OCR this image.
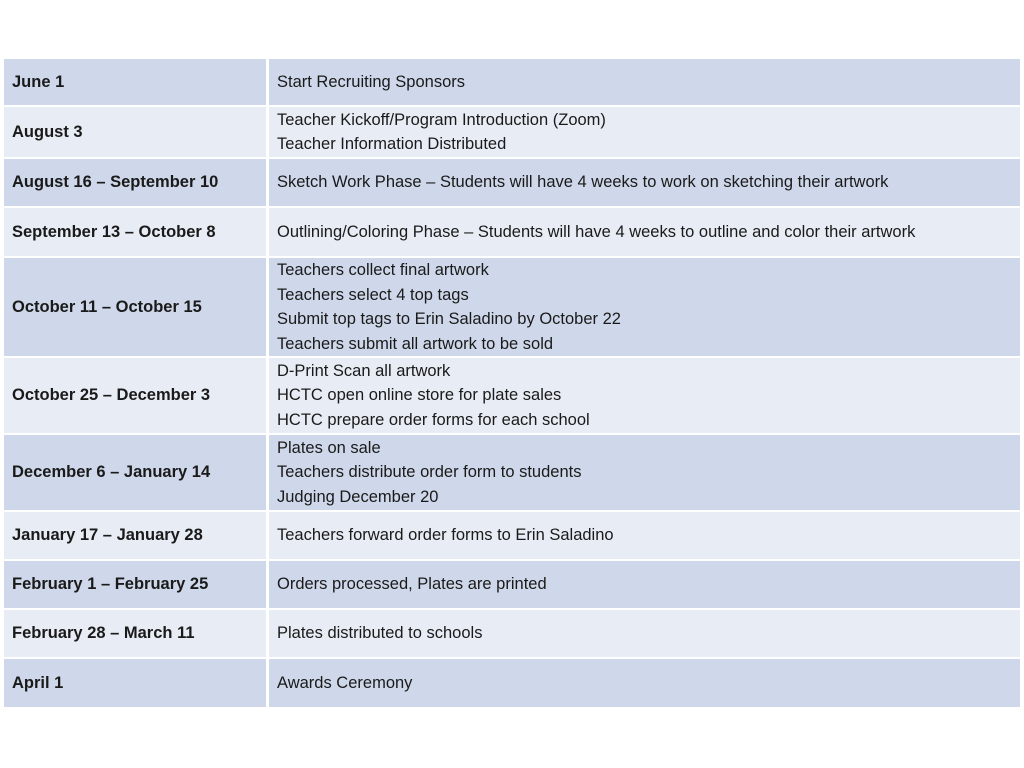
June 1	Start Recruiting Sponsors

August 3	Teacher Kickoff/Program Introduction (Zoom)
Teacher Information Distributed

August 16 – September 10	Sketch Work Phase – Students will have 4 weeks to work on sketching their artwork

September 13 – October 8	Outlining/Coloring Phase – Students will have 4 weeks to outline and color their artwork

October 11 – October 15	Teachers collect final artwork
Teachers select 4 top tags
Submit top tags to Erin Saladino by October 22
Teachers submit all artwork to be sold

October 25 – December 3	D-Print Scan all artwork
HCTC open online store for plate sales
HCTC prepare order forms for each school

December 6 – January 14	Plates on sale
Teachers distribute order form to students
Judging December 20

January 17 – January 28	Teachers forward order forms to Erin Saladino

February 1 – February 25	Orders processed, Plates are printed

February 28 – March 11	Plates distributed to schools

April 1	Awards Ceremony
